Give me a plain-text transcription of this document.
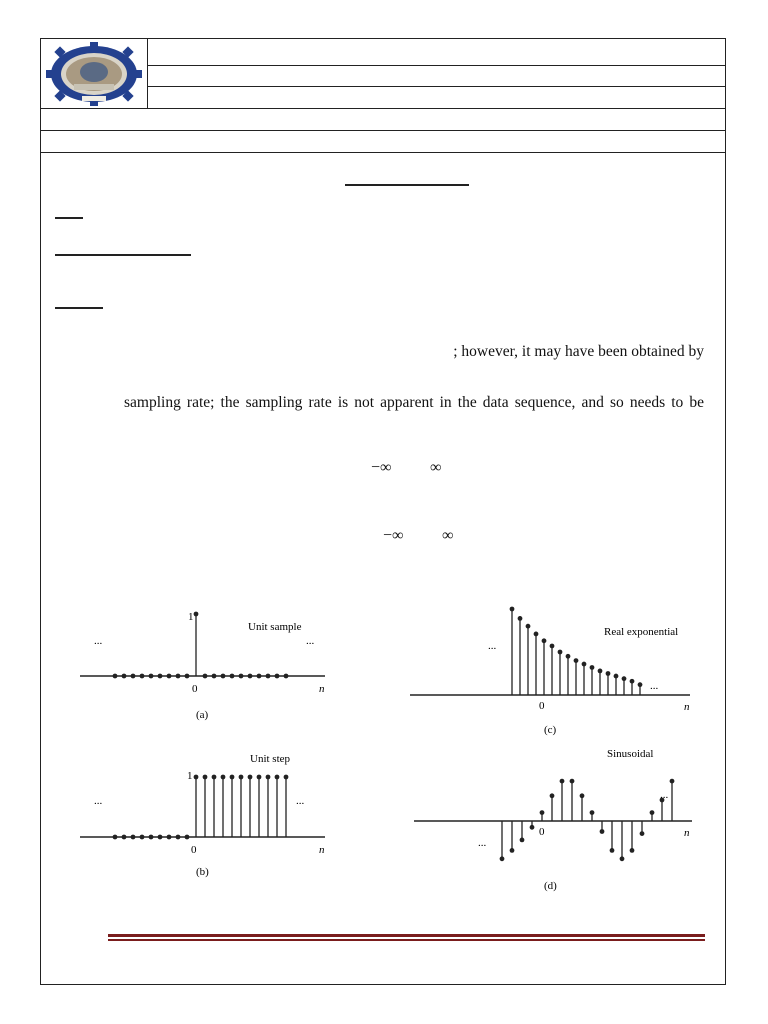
; however, it may have been obtained by
sampling rate; the sampling rate is not apparent in the data sequence, and so needs to be
−∞ ∞
−∞ ∞
Unit sample
...	...
1
0	n
(a)
Unit step
...	...
1
0	n
(b)
Real exponential
...
...
0	n
(c)
Sinusoidal
...
...
0	n
(d)
